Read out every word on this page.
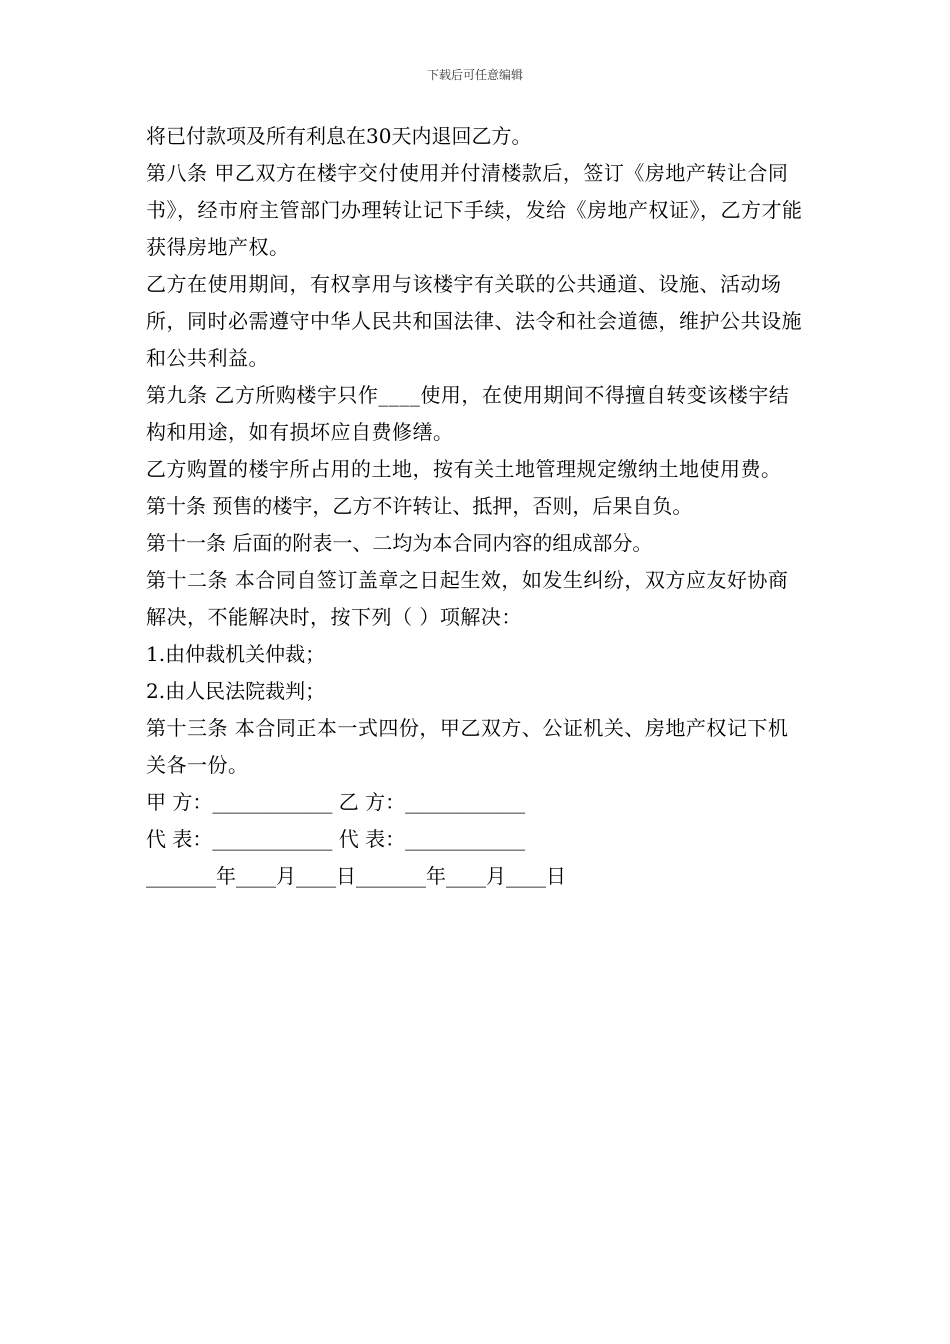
下载后可任意编辑

将已付款项及所有利息在30天内退回乙方。

第八条 甲乙双方在楼宇交付使用并付清楼款后，签订《房地产转让合同书》，经市府主管部门办理转让记下手续，发给《房地产权证》，乙方才能获得房地产权。

乙方在使用期间，有权享用与该楼宇有关联的公共通道、设施、活动场所，同时必需遵守中华人民共和国法律、法令和社会道德，维护公共设施和公共利益。

第九条 乙方所购楼宇只作____使用，在使用期间不得擅自转变该楼宇结构和用途，如有损坏应自费修缮。

乙方购置的楼宇所占用的土地，按有关土地管理规定缴纳土地使用费。

第十条 预售的楼宇，乙方不许转让、抵押，否则，后果自负。

第十一条 后面的附表一、二均为本合同内容的组成部分。

第十二条 本合同自签订盖章之日起生效，如发生纠纷，双方应友好协商解决，不能解决时，按下列（ ）项解决：

1.由仲裁机关仲裁；

2.由人民法院裁判；

第十三条 本合同正本一式四份，甲乙双方、公证机关、房地产权记下机关各一份。

甲 方：____________ 乙 方：____________

代 表：____________ 代 表：____________

_______年____月____日_______年____月____日
